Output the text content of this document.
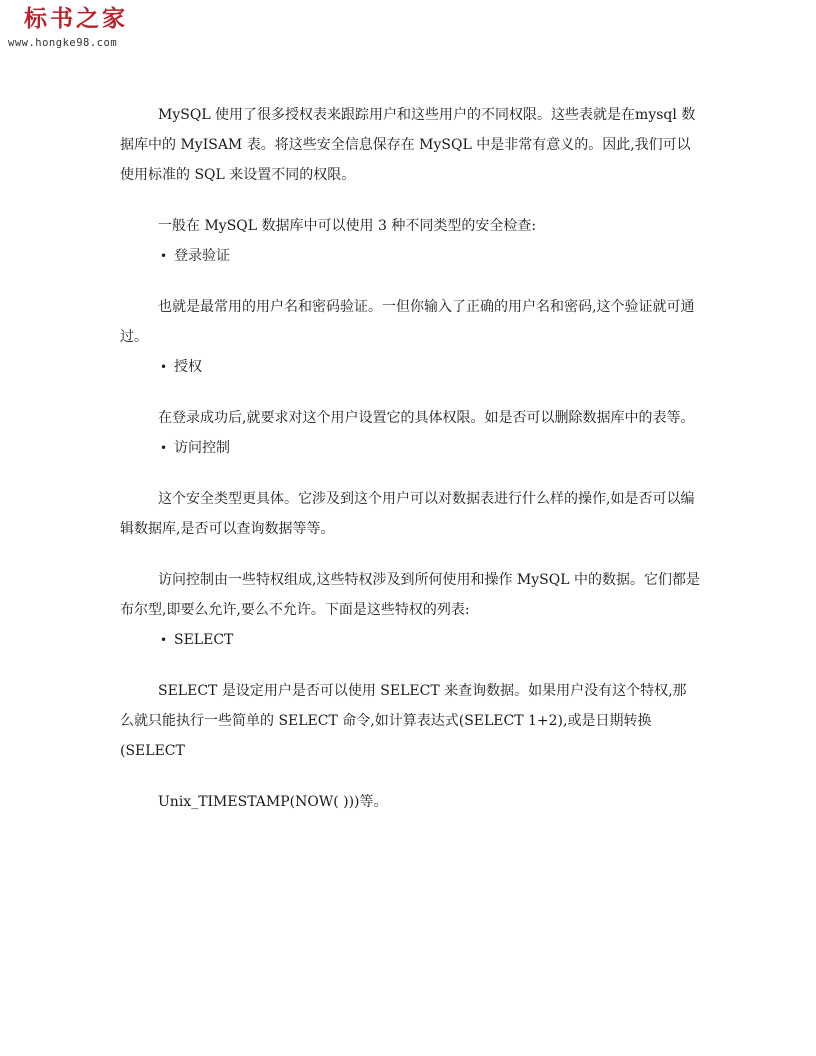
标书之家
www.hongke98.com

MySQL 使用了很多授权表来跟踪用户和这些用户的不同权限。这些表就是在mysql 数据库中的 MyISAM 表。将这些安全信息保存在 MySQL 中是非常有意义的。因此,我们可以使用标准的 SQL 来设置不同的权限。

一般在 MySQL 数据库中可以使用 3 种不同类型的安全检查:

• 登录验证

也就是最常用的用户名和密码验证。一但你输入了正确的用户名和密码,这个验证就可通过。

• 授权

在登录成功后,就要求对这个用户设置它的具体权限。如是否可以删除数据库中的表等。

• 访问控制

这个安全类型更具体。它涉及到这个用户可以对数据表进行什么样的操作,如是否可以编辑数据库,是否可以查询数据等等。

访问控制由一些特权组成,这些特权涉及到所何使用和操作 MySQL 中的数据。它们都是布尔型,即要么允许,要么不允许。下面是这些特权的列表:

• SELECT

SELECT 是设定用户是否可以使用 SELECT 来查询数据。如果用户没有这个特权,那么就只能执行一些简单的 SELECT 命令,如计算表达式(SELECT 1+2),或是日期转换(SELECT

Unix_TIMESTAMP(NOW( )))等。
